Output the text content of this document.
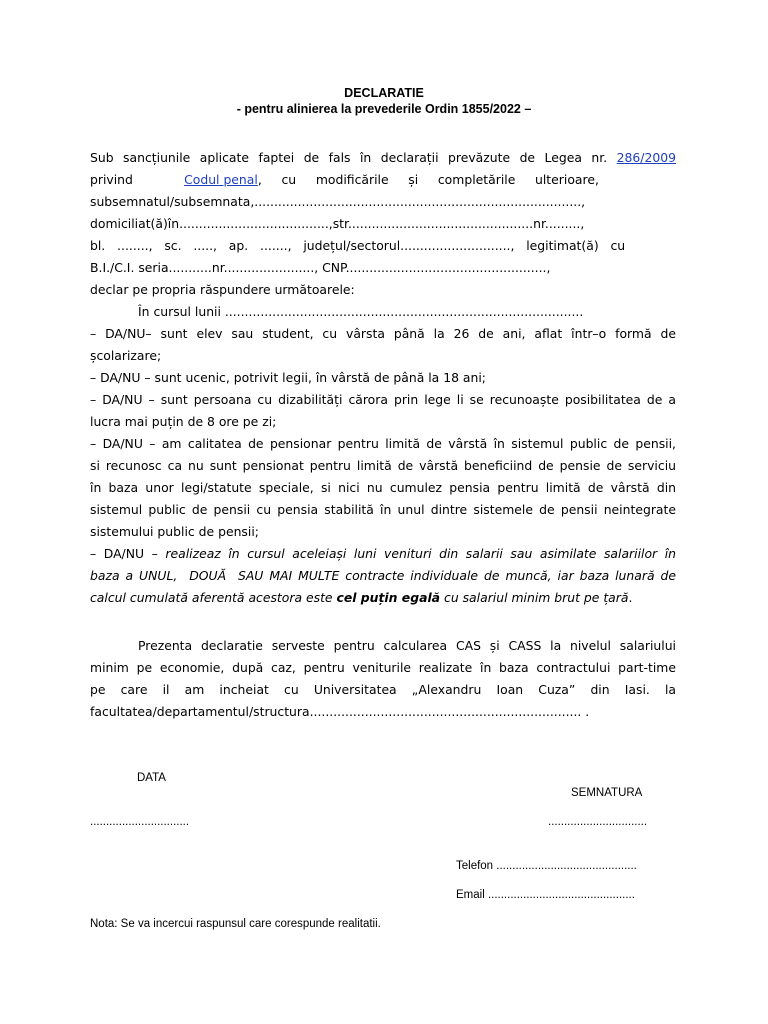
DECLARATIE
- pentru alinierea la prevederile Ordin 1855/2022 –
Sub sancțiunile aplicate faptei de fals în declarații prevăzute de Legea nr. 286/2009
privind	Codul penal,     cu     modificările     și     completările     ulterioare,
subsemnatul/subsemnata,...................................................................................,
domiciliat(ă)în......................................,str...............................................nr.........,
bl.   ........,   sc.   .....,   ap.   .......,   județul/sectorul............................,   legitimat(ă)   cu
B.I./C.I. seria...........nr......................., CNP...................................................,
declar pe propria răspundere următoarele:
În cursul lunii ...........................................................................................
– DA/NU– sunt elev sau student, cu vârsta până la 26 de ani, aflat într–o formă de
școlarizare;
– DA/NU – sunt ucenic, potrivit legii, în vârstă de până la 18 ani;
– DA/NU – sunt persoana cu dizabilități cărora prin lege li se recunoaște posibilitatea de a
lucra mai puțin de 8 ore pe zi;
– DA/NU – am calitatea de pensionar pentru limită de vârstă în sistemul public de pensii,
si recunosc ca nu sunt pensionat pentru limită de vârstă beneficiind de pensie de serviciu
în baza unor legi/statute speciale, si nici nu cumulez pensia pentru limită de vârstă din
sistemul public de pensii cu pensia stabilită în unul dintre sistemele de pensii neintegrate
sistemului public de pensii;
– DA/NU – realizeaz în cursul aceleiași luni venituri din salarii sau asimilate salariilor în
baza a UNUL,  DOUĂ  SAU MAI MULTE contracte individuale de muncă, iar baza lunară de
calcul cumulată aferentă acestora este cel puțin egală cu salariul minim brut pe țară.
Prezenta declaratie serveste pentru calcularea CAS și CASS la nivelul salariului
minim pe economie, după caz, pentru veniturile realizate în baza contractului part-time
pe  care  il  am  incheiat  cu  Universitatea  „Alexandru  Ioan  Cuza”  din  Iasi.  la
facultatea/departamentul/structura..................................................................... .
DATA
SEMNATURA
...............................	...............................
Telefon ............................................
Email ..............................................
Nota: Se va incercui raspunsul care corespunde realitatii.
